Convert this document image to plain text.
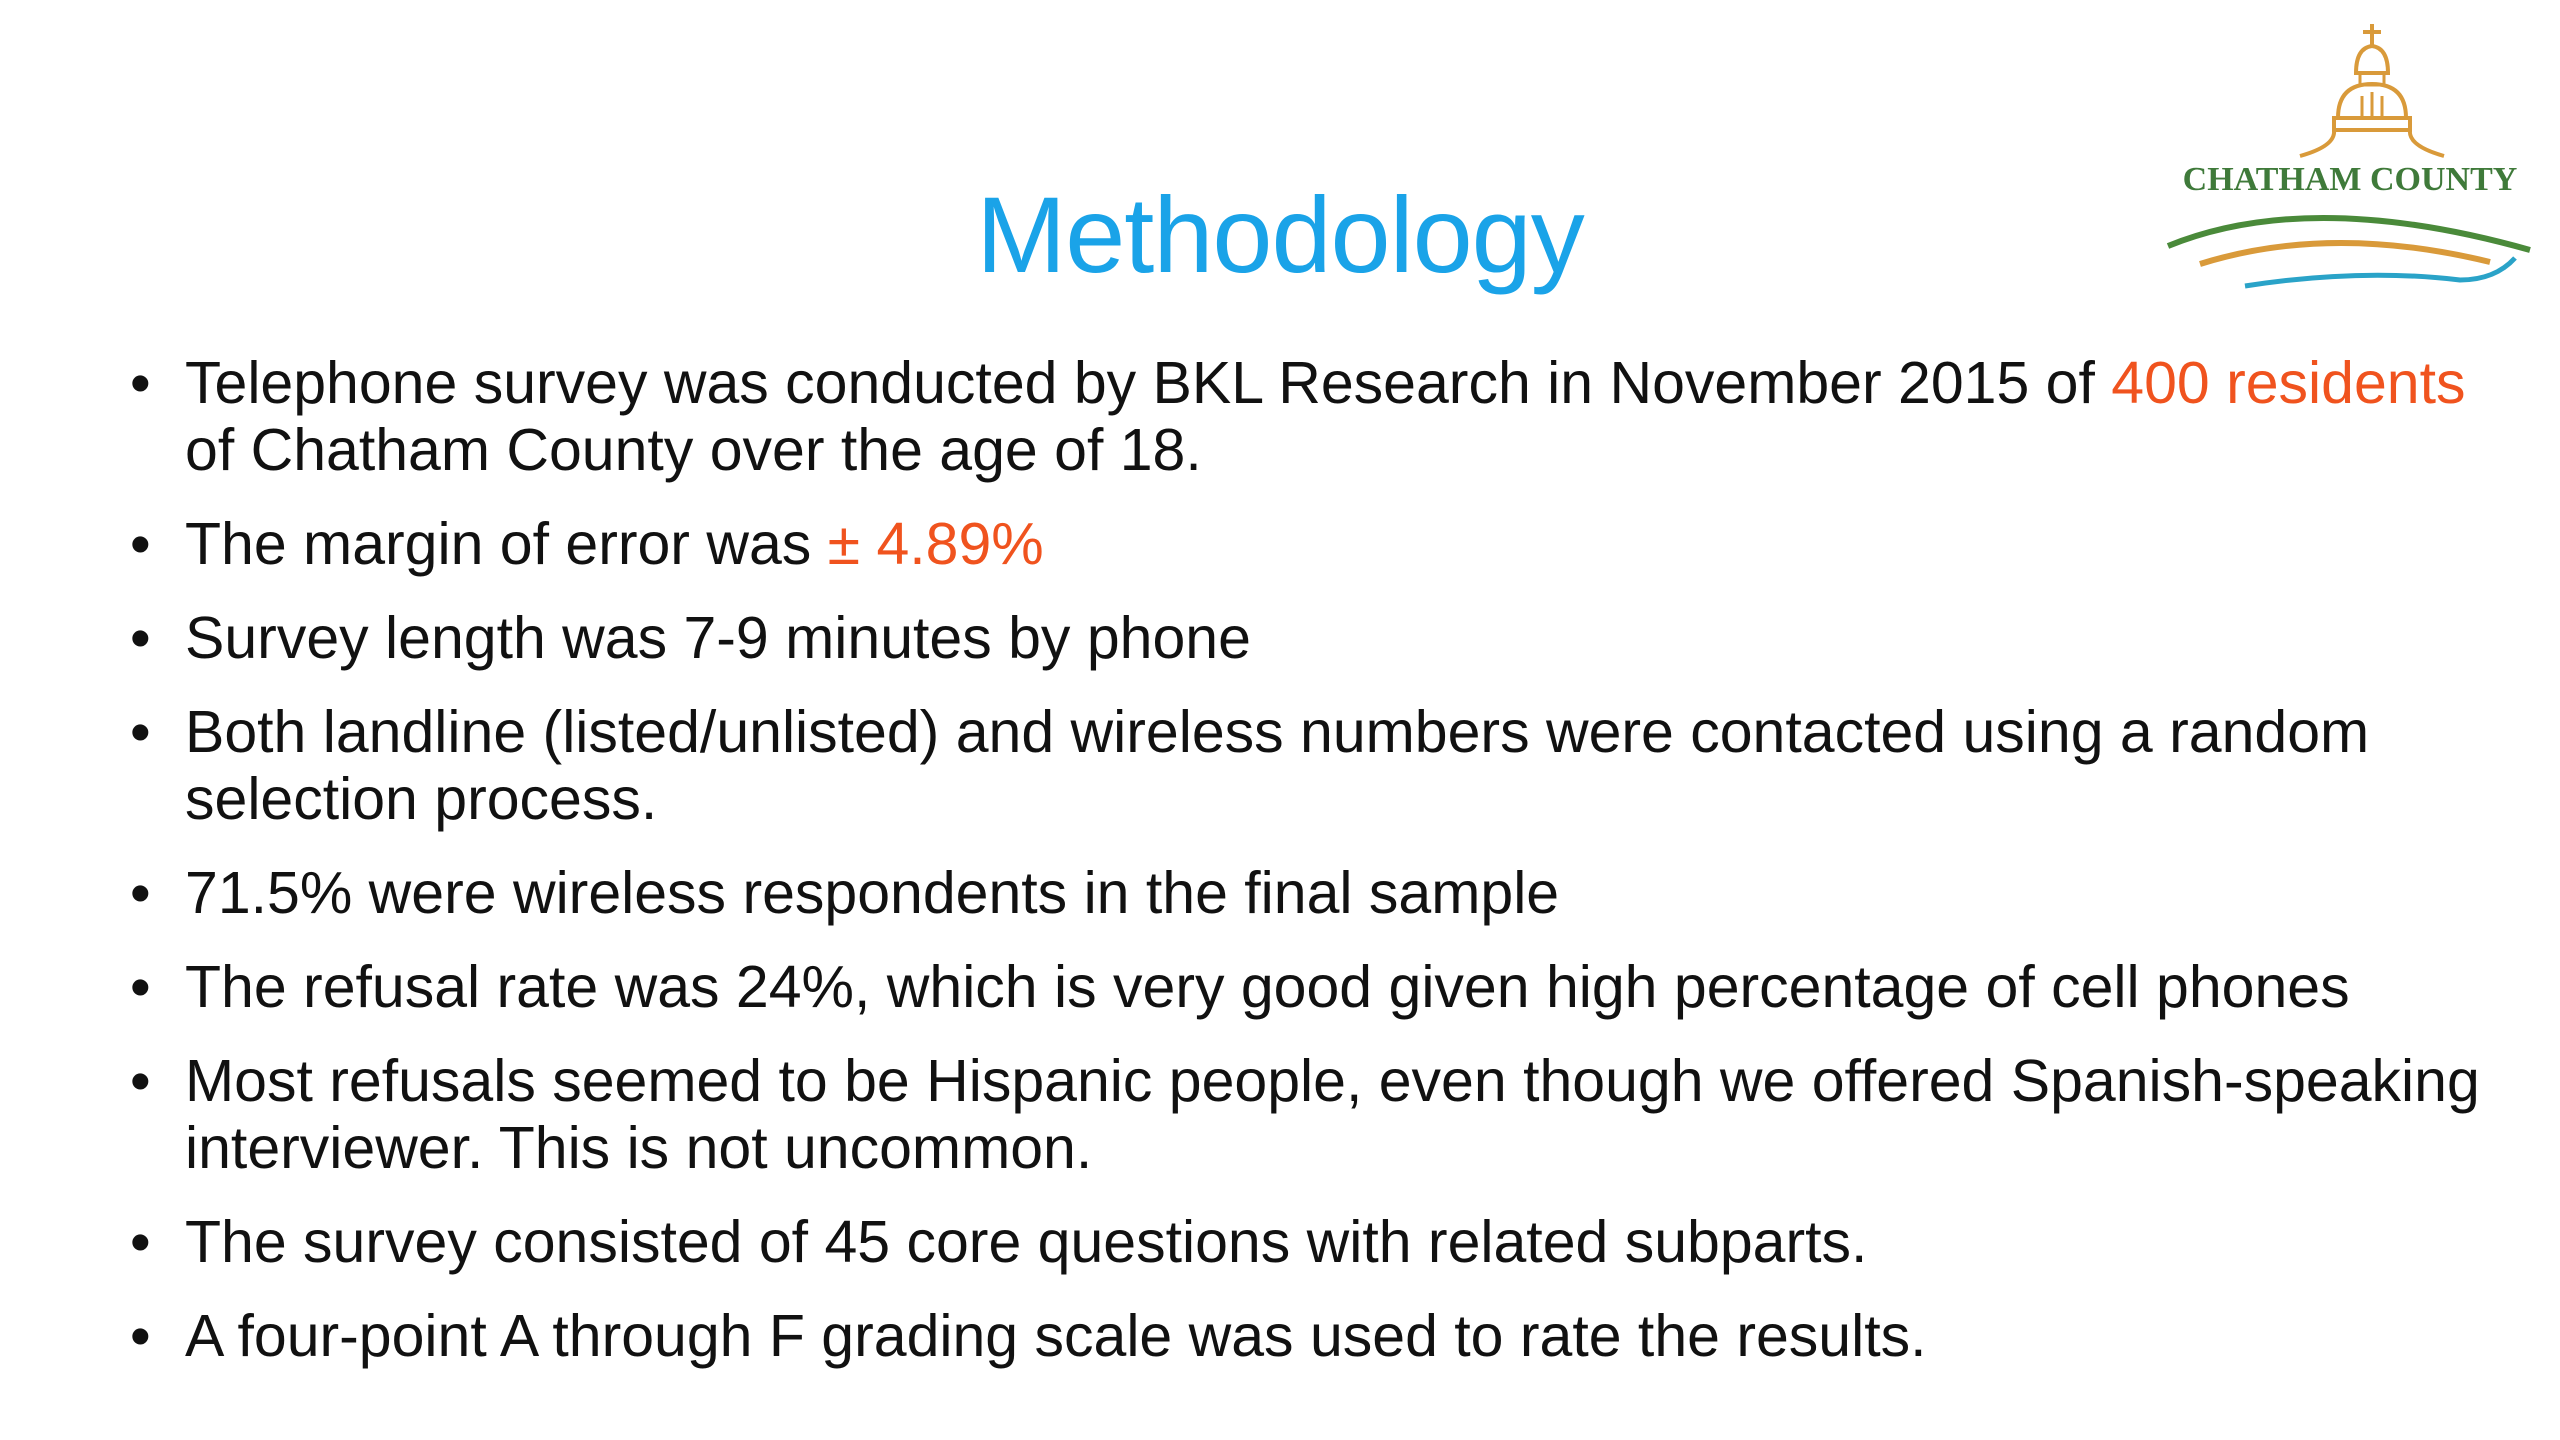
Methodology	CHATHAM COUNTY
• Telephone survey was conducted by BKL Research in November 2015 of 400 residents of Chatham County over the age of 18.
• The margin of error was ± 4.89%
• Survey length was 7-9 minutes by phone
• Both landline (listed/unlisted) and wireless numbers were contacted using a random selection process.
• 71.5% were wireless respondents in the final sample
• The refusal rate was 24%, which is very good given high percentage of cell phones
• Most refusals seemed to be Hispanic people, even though we offered Spanish-speaking interviewer. This is not uncommon.
• The survey consisted of 45 core questions with related subparts.
• A four-point A through F grading scale was used to rate the results.
